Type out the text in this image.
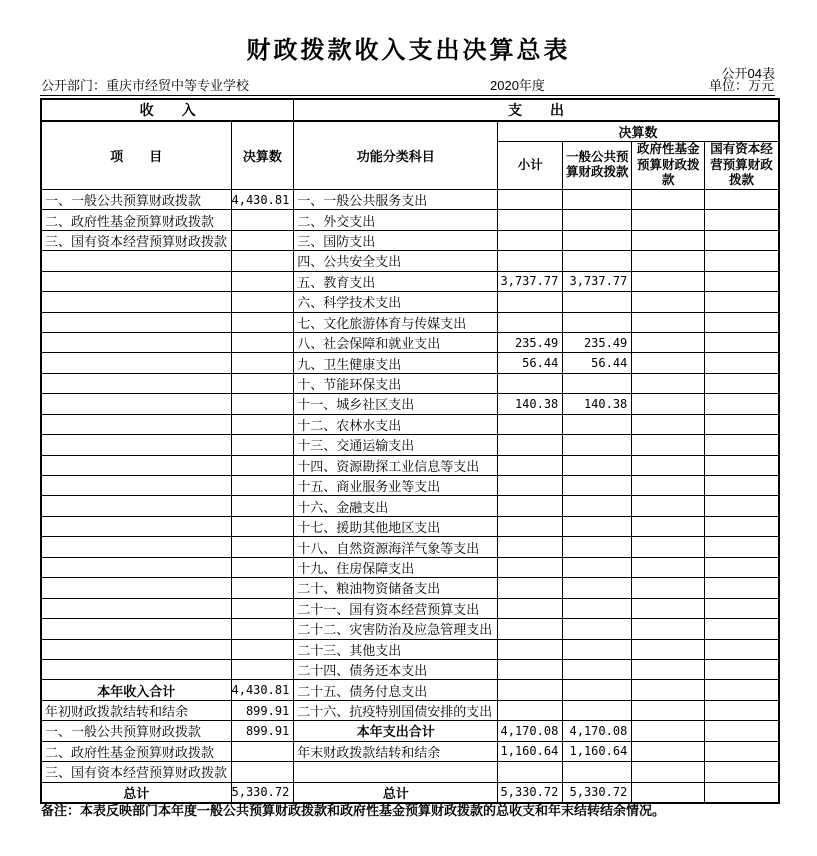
财政拨款收入支出决算总表
公开04表
公开部门：重庆市经贸中等专业学校	2020年度	单位：万元
收　　入		支　　出				
项　　目	决算数	功能分类科目	决算数			
			小计	一般公共预算财政拨款	政府性基金预算财政拨款	国有资本经营预算财政拨款
一、一般公共预算财政拨款	4,430.81	一、一般公共服务支出				
二、政府性基金预算财政拨款		二、外交支出				
三、国有资本经营预算财政拨款		三、国防支出				
		四、公共安全支出				
		五、教育支出	3,737.77	3,737.77		
		六、科学技术支出				
		七、文化旅游体育与传媒支出				
		八、社会保障和就业支出	235.49	235.49		
		九、卫生健康支出	56.44	56.44		
		十、节能环保支出				
		十一、城乡社区支出	140.38	140.38		
		十二、农林水支出				
		十三、交通运输支出				
		十四、资源勘探工业信息等支出				
		十五、商业服务业等支出				
		十六、金融支出				
		十七、援助其他地区支出				
		十八、自然资源海洋气象等支出				
		十九、住房保障支出				
		二十、粮油物资储备支出				
		二十一、国有资本经营预算支出				
		二十二、灾害防治及应急管理支出				
		二十三、其他支出				
		二十四、债务还本支出				
本年收入合计	4,430.81	二十五、债务付息支出				
年初财政拨款结转和结余	899.91	二十六、抗疫特别国债安排的支出				
一、一般公共预算财政拨款	899.91	本年支出合计	4,170.08	4,170.08		
二、政府性基金预算财政拨款		年末财政拨款结转和结余	1,160.64	1,160.64		
三、国有资本经营预算财政拨款						
总计	5,330.72	总计	5,330.72	5,330.72		
备注：本表反映部门本年度一般公共预算财政拨款和政府性基金预算财政拨款的总收支和年末结转结余情况。
